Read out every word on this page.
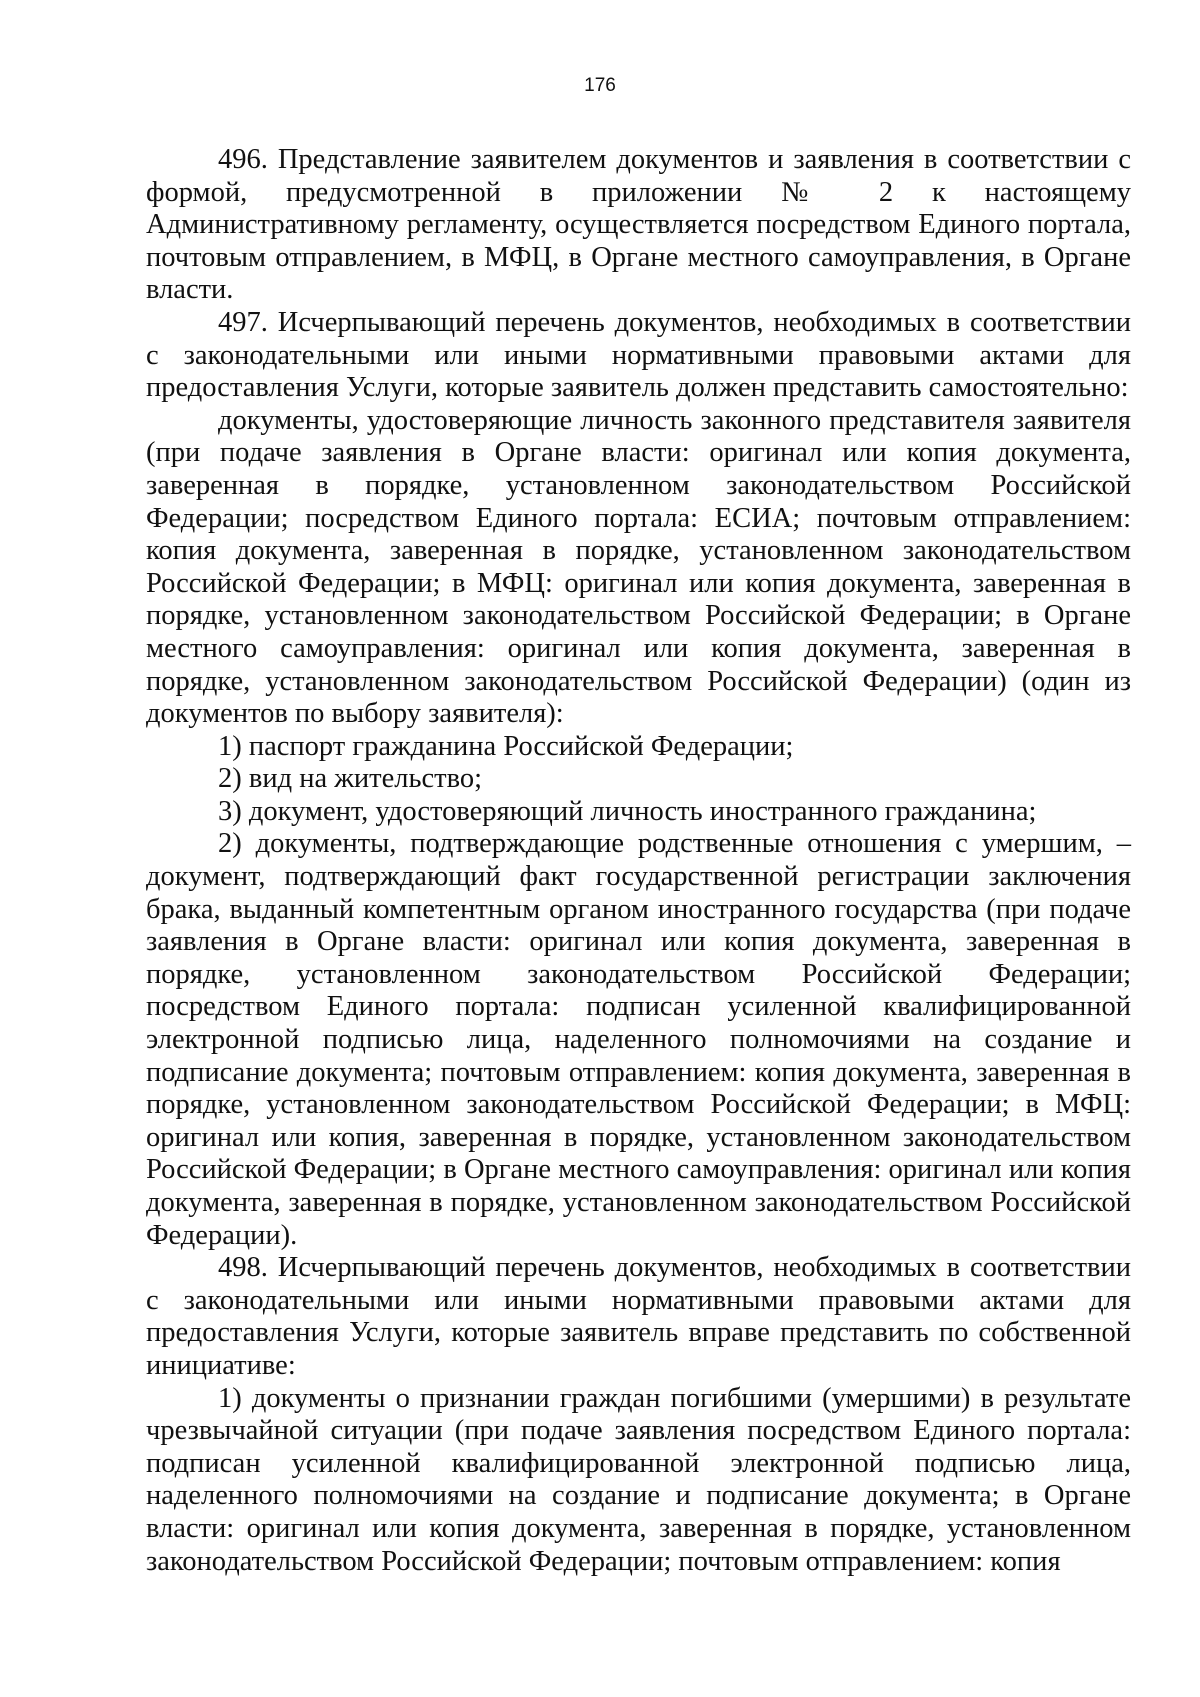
176

496. Представление заявителем документов и заявления в соответствии с формой, предусмотренной в приложении № 2 к настоящему Административному регламенту, осуществляется посредством Единого портала, почтовым отправлением, в МФЦ, в Органе местного самоуправления, в Органе власти.

497. Исчерпывающий перечень документов, необходимых в соответствии с законодательными или иными нормативными правовыми актами для предоставления Услуги, которые заявитель должен представить самостоятельно:

документы, удостоверяющие личность законного представителя заявителя (при подаче заявления в Органе власти: оригинал или копия документа, заверенная в порядке, установленном законодательством Российской Федерации; посредством Единого портала: ЕСИА; почтовым отправлением: копия документа, заверенная в порядке, установленном законодательством Российской Федерации; в МФЦ: оригинал или копия документа, заверенная в порядке, установленном законодательством Российской Федерации; в Органе местного самоуправления: оригинал или копия документа, заверенная в порядке, установленном законодательством Российской Федерации) (один из документов по выбору заявителя):

1) паспорт гражданина Российской Федерации;

2) вид на жительство;

3) документ, удостоверяющий личность иностранного гражданина;

2) документы, подтверждающие родственные отношения с умершим, – документ, подтверждающий факт государственной регистрации заключения брака, выданный компетентным органом иностранного государства (при подаче заявления в Органе власти: оригинал или копия документа, заверенная в порядке, установленном законодательством Российской Федерации; посредством Единого портала: подписан усиленной квалифицированной электронной подписью лица, наделенного полномочиями на создание и подписание документа; почтовым отправлением: копия документа, заверенная в порядке, установленном законодательством Российской Федерации; в МФЦ: оригинал или копия, заверенная в порядке, установленном законодательством Российской Федерации; в Органе местного самоуправления: оригинал или копия документа, заверенная в порядке, установленном законодательством Российской Федерации).

498. Исчерпывающий перечень документов, необходимых в соответствии с законодательными или иными нормативными правовыми актами для предоставления Услуги, которые заявитель вправе представить по собственной инициативе:

1) документы о признании граждан погибшими (умершими) в результате чрезвычайной ситуации (при подаче заявления посредством Единого портала: подписан усиленной квалифицированной электронной подписью лица, наделенного полномочиями на создание и подписание документа; в Органе власти: оригинал или копия документа, заверенная в порядке, установленном законодательством Российской Федерации; почтовым отправлением: копия
